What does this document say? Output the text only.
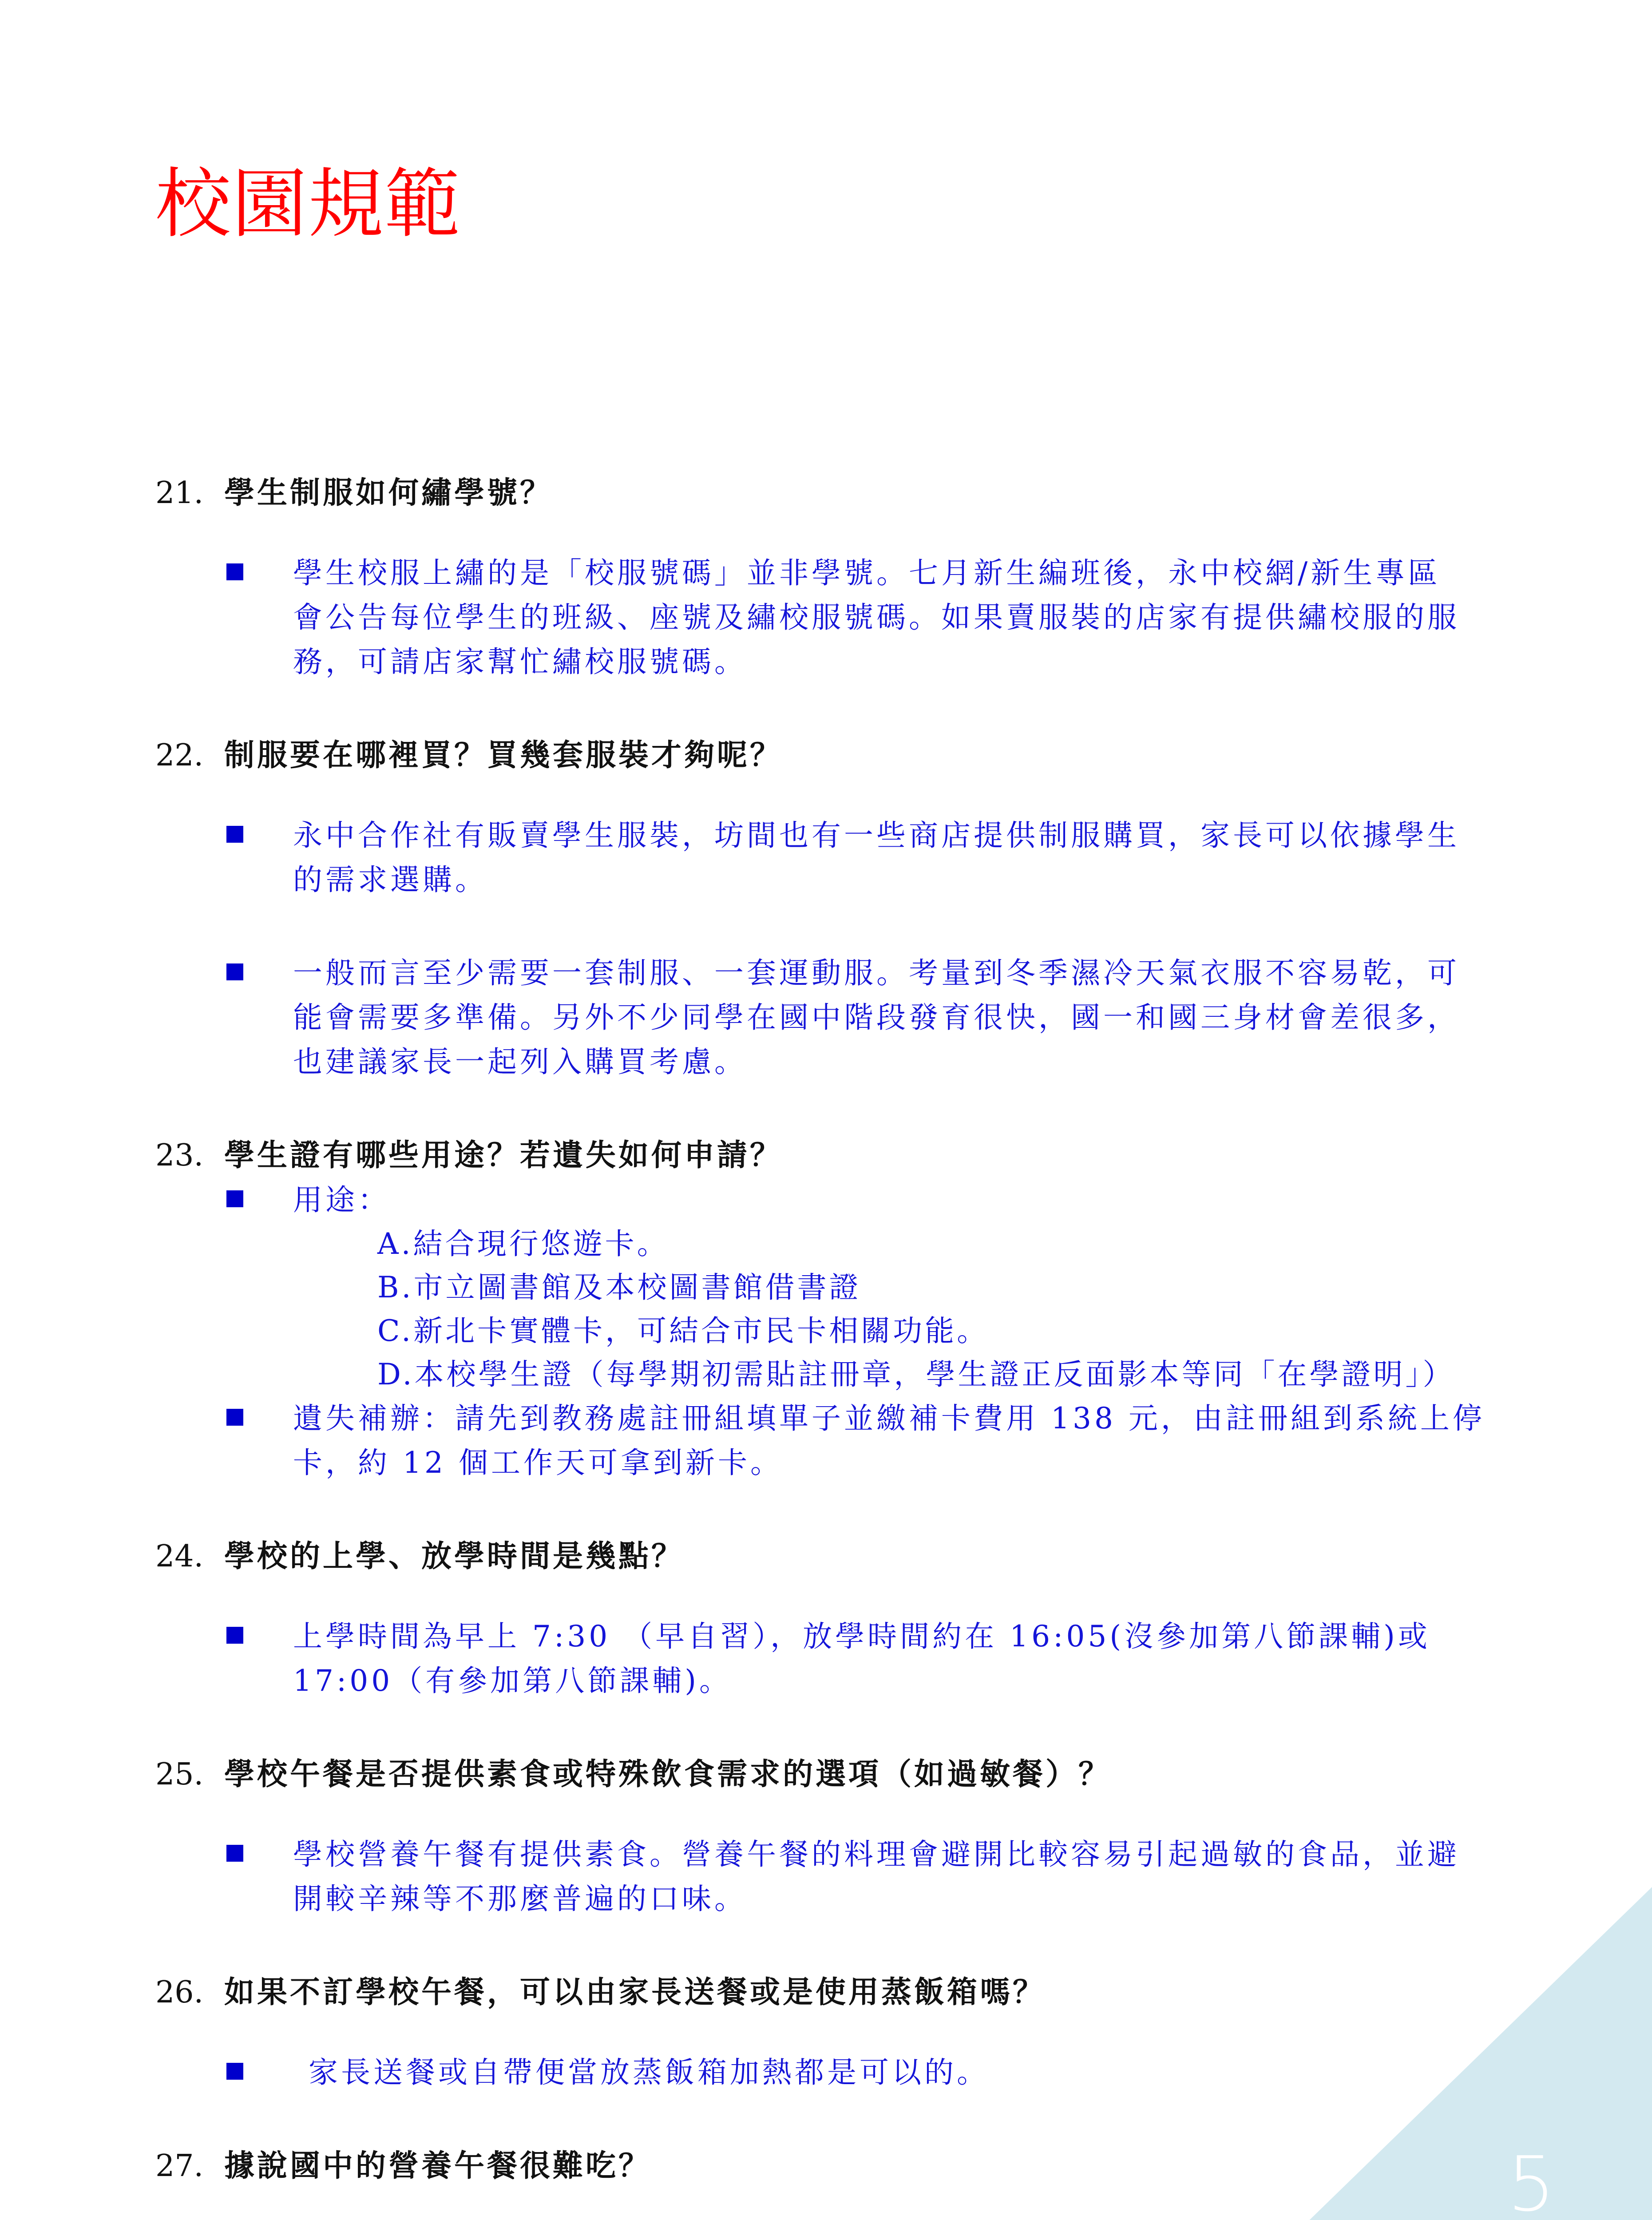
校園規範
21. 學生制服如何繡學號？
學生校服上繡的是「校服號碼」並非學號。七月新生編班後，永中校網/新生專區
會公告每位學生的班級、座號及繡校服號碼。如果賣服裝的店家有提供繡校服的服
務，可請店家幫忙繡校服號碼。
22. 制服要在哪裡買？買幾套服裝才夠呢？
永中合作社有販賣學生服裝，坊間也有一些商店提供制服購買，家長可以依據學生
的需求選購。
一般而言至少需要一套制服、一套運動服。考量到冬季濕冷天氣衣服不容易乾，可
能會需要多準備。另外不少同學在國中階段發育很快，國一和國三身材會差很多，
也建議家長一起列入購買考慮。
23. 學生證有哪些用途？若遺失如何申請？
用途：
A.結合現行悠遊卡。
B.市立圖書館及本校圖書館借書證
C.新北卡實體卡，可結合市民卡相關功能。
D.本校學生證（每學期初需貼註冊章，學生證正反面影本等同「在學證明」）
遺失補辦：請先到教務處註冊組填單子並繳補卡費用 138 元，由註冊組到系統上停
卡，約 12 個工作天可拿到新卡。
24. 學校的上學、放學時間是幾點？
上學時間為早上 7:30 （早自習），放學時間約在 16:05(沒參加第八節課輔)或
17:00（有參加第八節課輔)。
25. 學校午餐是否提供素食或特殊飲食需求的選項（如過敏餐）？
學校營養午餐有提供素食。營養午餐的料理會避開比較容易引起過敏的食品，並避
開較辛辣等不那麼普遍的口味。
26. 如果不訂學校午餐，可以由家長送餐或是使用蒸飯箱嗎？
家長送餐或自帶便當放蒸飯箱加熱都是可以的。
27. 據說國中的營養午餐很難吃？	5
